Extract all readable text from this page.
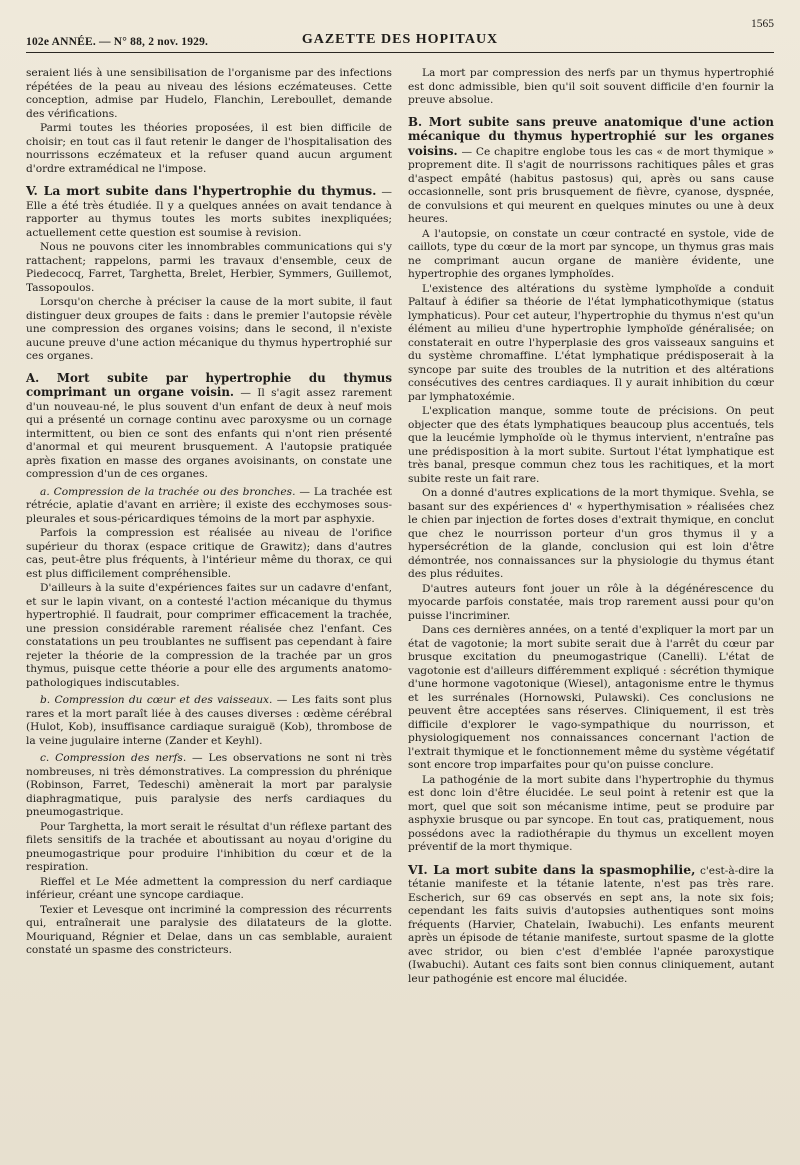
102e ANNÉE. — N° 88, 2 nov. 1929.	GAZETTE DES HOPITAUX
1565

seraient liés à une sensibilisation de l'organisme par des infections répétées de la peau au niveau des lésions eczémateuses. Cette conception, admise par Hudelo, Flanchin, Lereboullet, demande des vérifications.

Parmi toutes les théories proposées, il est bien difficile de choisir; en tout cas il faut retenir le danger de l'hospitalisation des nourrissons eczémateux et la refuser quand aucun argument d'ordre extramédical ne l'impose.

V. La mort subite dans l'hypertrophie du thymus. — Elle a été très étudiée. Il y a quelques années on avait tendance à rapporter au thymus toutes les morts subites inexpliquées; actuellement cette question est soumise à revision.

Nous ne pouvons citer les innombrables communications qui s'y rattachent; rappelons, parmi les travaux d'ensemble, ceux de Piedecocq, Farret, Targhetta, Brelet, Herbier, Symmers, Guillemot, Tassopoulos.

Lorsqu'on cherche à préciser la cause de la mort subite, il faut distinguer deux groupes de faits : dans le premier l'autopsie révèle une compression des organes voisins; dans le second, il n'existe aucune preuve d'une action mécanique du thymus hypertrophié sur ces organes.

A. Mort subite par hypertrophie du thymus comprimant un organe voisin. — Il s'agit assez rarement d'un nouveau-né, le plus souvent d'un enfant de deux à neuf mois qui a présenté un cornage continu avec paroxysme ou un cornage intermittent, ou bien ce sont des enfants qui n'ont rien présenté d'anormal et qui meurent brusquement. A l'autopsie pratiquée après fixation en masse des organes avoisinants, on constate une compression d'un de ces organes.

a. Compression de la trachée ou des bronches. — La trachée est rétrécie, aplatie d'avant en arrière; il existe des ecchymoses sous-pleurales et sous-péricardiques témoins de la mort par asphyxie.

Parfois la compression est réalisée au niveau de l'orifice supérieur du thorax (espace critique de Grawitz); dans d'autres cas, peut-être plus fréquents, à l'intérieur même du thorax, ce qui est plus difficilement compréhensible.

D'ailleurs à la suite d'expériences faites sur un cadavre d'enfant, et sur le lapin vivant, on a contesté l'action mécanique du thymus hypertrophié. Il faudrait, pour comprimer efficacement la trachée, une pression considérable rarement réalisée chez l'enfant. Ces constatations un peu troublantes ne suffisent pas cependant à faire rejeter la théorie de la compression de la trachée par un gros thymus, puisque cette théorie a pour elle des arguments anatomo-pathologiques indiscutables.

b. Compression du cœur et des vaisseaux. — Les faits sont plus rares et la mort paraît liée à des causes diverses : œdème cérébral (Hulot, Kob), insuffisance cardiaque suraiguë (Kob), thrombose de la veine jugulaire interne (Zander et Keyhl).

c. Compression des nerfs. — Les observations ne sont ni très nombreuses, ni très démonstratives. La compression du phrénique (Robinson, Farret, Tedeschi) amènerait la mort par paralysie diaphragmatique, puis paralysie des nerfs cardiaques du pneumogastrique.

Pour Targhetta, la mort serait le résultat d'un réflexe partant des filets sensitifs de la trachée et aboutissant au noyau d'origine du pneumogastrique pour produire l'inhibition du cœur et de la respiration.

Rieffel et Le Mée admettent la compression du nerf cardiaque inférieur, créant une syncope cardiaque.

Texier et Levesque ont incriminé la compression des récurrents qui, entraînerait une paralysie des dilatateurs de la glotte. Mouriquand, Régnier et Delae, dans un cas semblable, auraient constaté un spasme des constricteurs.

La mort par compression des nerfs par un thymus hypertrophié est donc admissible, bien qu'il soit souvent difficile d'en fournir la preuve absolue.

B. Mort subite sans preuve anatomique d'une action mécanique du thymus hypertrophié sur les organes voisins. — Ce chapitre englobe tous les cas « de mort thymique » proprement dite. Il s'agit de nourrissons rachitiques pâles et gras d'aspect empâté (habitus pastosus) qui, après ou sans cause occasionnelle, sont pris brusquement de fièvre, cyanose, dyspnée, de convulsions et qui meurent en quelques minutes ou une à deux heures.

A l'autopsie, on constate un cœur contracté en systole, vide de caillots, type du cœur de la mort par syncope, un thymus gras mais ne comprimant aucun organe de manière évidente, une hypertrophie des organes lymphoïdes.

L'existence des altérations du système lymphoïde a conduit Paltauf à édifier sa théorie de l'état lymphaticothymique (status lymphaticus). Pour cet auteur, l'hypertrophie du thymus n'est qu'un élément au milieu d'une hypertrophie lymphoïde généralisée; on constaterait en outre l'hyperplasie des gros vaisseaux sanguins et du système chromaffine. L'état lymphatique prédisposerait à la syncope par suite des troubles de la nutrition et des altérations consécutives des centres cardiaques. Il y aurait inhibition du cœur par lymphatoxémie.

L'explication manque, somme toute de précisions. On peut objecter que des états lymphatiques beaucoup plus accentués, tels que la leucémie lymphoïde où le thymus intervient, n'entraîne pas une prédisposition à la mort subite. Surtout l'état lymphatique est très banal, presque commun chez tous les rachitiques, et la mort subite reste un fait rare.

On a donné d'autres explications de la mort thymique. Svehla, se basant sur des expériences d' « hyperthymisation » réalisées chez le chien par injection de fortes doses d'extrait thymique, en conclut que chez le nourrisson porteur d'un gros thymus il y a hypersécrétion de la glande, conclusion qui est loin d'être démontrée, nos connaissances sur la physiologie du thymus étant des plus réduites.

D'autres auteurs font jouer un rôle à la dégénérescence du myocarde parfois constatée, mais trop rarement aussi pour qu'on puisse l'incriminer.

Dans ces dernières années, on a tenté d'expliquer la mort par un état de vagotonie; la mort subite serait due à l'arrêt du cœur par brusque excitation du pneumogastrique (Canelli). L'état de vagotonie est d'ailleurs différemment expliqué : sécrétion thymique d'une hormone vagotonique (Wiesel), antagonisme entre le thymus et les surrénales (Hornowski, Pulawski). Ces conclusions ne peuvent être acceptées sans réserves. Cliniquement, il est très difficile d'explorer le vago-sympathique du nourrisson, et physiologiquement nos connaissances concernant l'action de l'extrait thymique et le fonctionnement même du système végétatif sont encore trop imparfaites pour qu'on puisse conclure.

La pathogénie de la mort subite dans l'hypertrophie du thymus est donc loin d'être élucidée. Le seul point à retenir est que la mort, quel que soit son mécanisme intime, peut se produire par asphyxie brusque ou par syncope. En tout cas, pratiquement, nous possédons avec la radiothérapie du thymus un excellent moyen préventif de la mort thymique.

VI. La mort subite dans la spasmophilie, c'est-à-dire la tétanie manifeste et la tétanie latente, n'est pas très rare. Escherich, sur 69 cas observés en sept ans, la note six fois; cependant les faits suivis d'autopsies authentiques sont moins fréquents (Harvier, Chatelain, Iwabuchi). Les enfants meurent après un épisode de tétanie manifeste, surtout spasme de la glotte avec stridor, ou bien c'est d'emblée l'apnée paroxystique (Iwabuchi). Autant ces faits sont bien connus cliniquement, autant leur pathogénie est encore mal élucidée.
